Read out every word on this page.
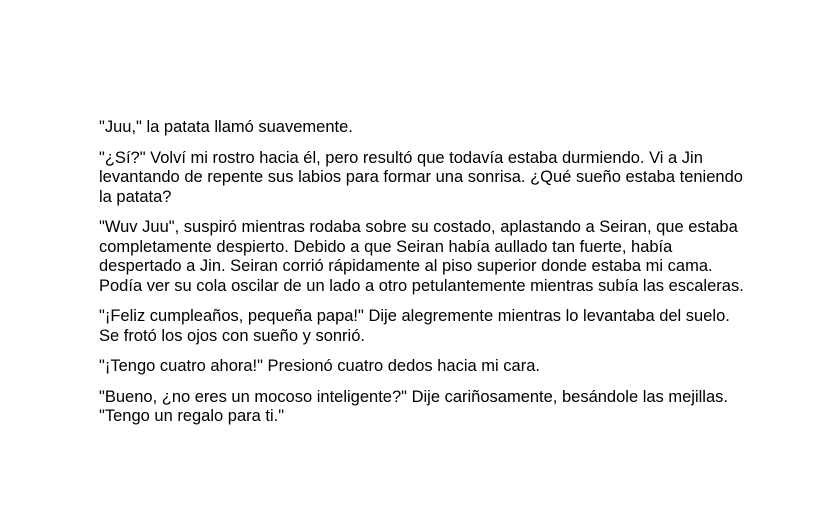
"Juu," la patata llamó suavemente.

"¿Sí?" Volví mi rostro hacia él, pero resultó que todavía estaba durmiendo. Vi a Jin
levantando de repente sus labios para formar una sonrisa. ¿Qué sueño estaba teniendo
la patata?

"Wuv Juu", suspiró mientras rodaba sobre su costado, aplastando a Seiran, que estaba
completamente despierto. Debido a que Seiran había aullado tan fuerte, había
despertado a Jin. Seiran corrió rápidamente al piso superior donde estaba mi cama.
Podía ver su cola oscilar de un lado a otro petulantemente mientras subía las escaleras.

"¡Feliz cumpleaños, pequeña papa!" Dije alegremente mientras lo levantaba del suelo.
Se frotó los ojos con sueño y sonrió.

"¡Tengo cuatro ahora!" Presionó cuatro dedos hacia mi cara.

"Bueno, ¿no eres un mocoso inteligente?" Dije cariñosamente, besándole las mejillas.
"Tengo un regalo para ti."
